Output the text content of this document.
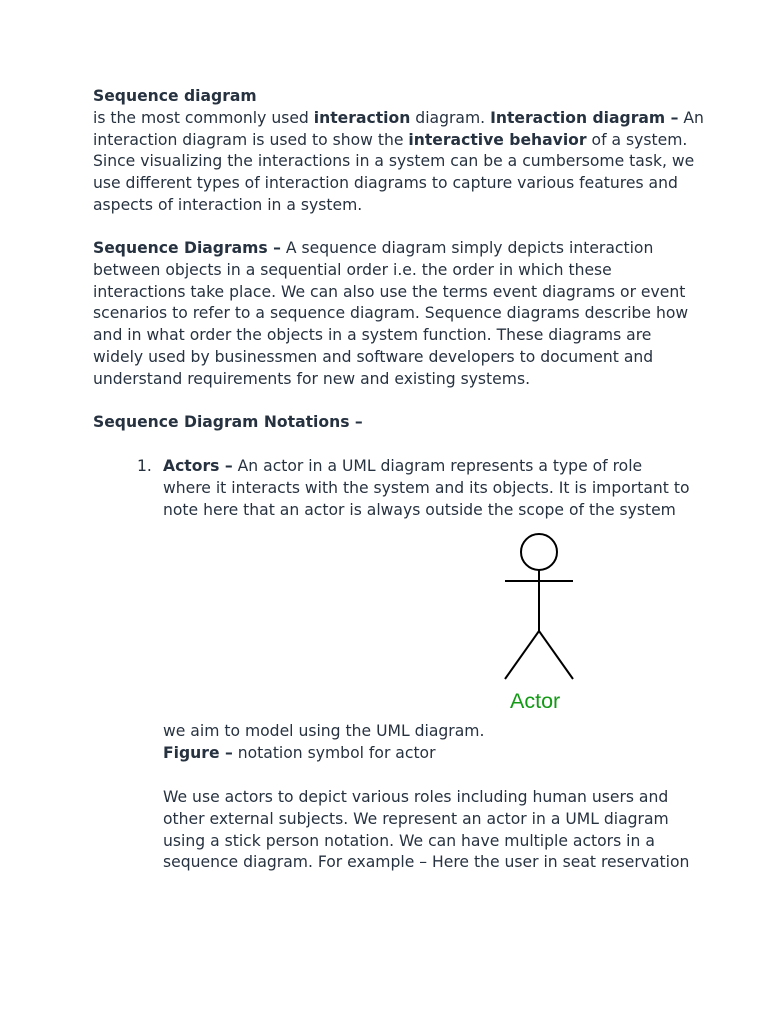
Sequence diagram
is the most commonly used interaction diagram. Interaction diagram – An
interaction diagram is used to show the interactive behavior of a system.
Since visualizing the interactions in a system can be a cumbersome task, we
use different types of interaction diagrams to capture various features and
aspects of interaction in a system.
Sequence Diagrams – A sequence diagram simply depicts interaction
between objects in a sequential order i.e. the order in which these
interactions take place. We can also use the terms event diagrams or event
scenarios to refer to a sequence diagram. Sequence diagrams describe how
and in what order the objects in a system function. These diagrams are
widely used by businessmen and software developers to document and
understand requirements for new and existing systems.
Sequence Diagram Notations –
1. Actors – An actor in a UML diagram represents a type of role
where it interacts with the system and its objects. It is important to
note here that an actor is always outside the scope of the system
Actor
we aim to model using the UML diagram.
Figure – notation symbol for actor
We use actors to depict various roles including human users and
other external subjects. We represent an actor in a UML diagram
using a stick person notation. We can have multiple actors in a
sequence diagram. For example – Here the user in seat reservation
